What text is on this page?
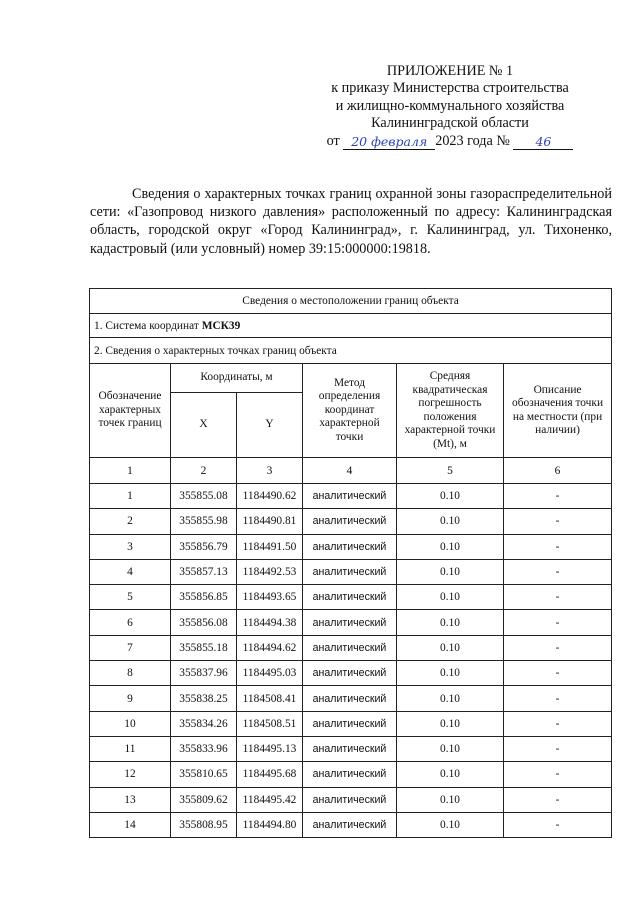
ПРИЛОЖЕНИЕ № 1
к приказу Министерства строительства
и жилищно-коммунального хозяйства
Калининградской области
от 20 февраля 2023 года № 46
Сведения о характерных точках границ охранной зоны газораспределительной сети: «Газопровод низкого давления» расположенный по адресу: Калининградская область, городской округ «Город Калининград», г. Калининград, ул. Тихоненко, кадастровый (или условный) номер 39:15:000000:19818.
Сведения о местоположении границ объекта					
1. Система координат МСК39					
2. Сведения о характерных точках границ объекта					
Обозначение характерных точек границ	Координаты, м		Метод определения координат характерной точки	Средняя квадратическая погрешность положения характерной точки (Mt), м	Описание обозначения точки на местности (при наличии)
	X	Y			
1	2	3	4	5	6
1	355855.08	1184490.62	аналитический	0.10	-
2	355855.98	1184490.81	аналитический	0.10	-
3	355856.79	1184491.50	аналитический	0.10	-
4	355857.13	1184492.53	аналитический	0.10	-
5	355856.85	1184493.65	аналитический	0.10	-
6	355856.08	1184494.38	аналитический	0.10	-
7	355855.18	1184494.62	аналитический	0.10	-
8	355837.96	1184495.03	аналитический	0.10	-
9	355838.25	1184508.41	аналитический	0.10	-
10	355834.26	1184508.51	аналитический	0.10	-
11	355833.96	1184495.13	аналитический	0.10	-
12	355810.65	1184495.68	аналитический	0.10	-
13	355809.62	1184495.42	аналитический	0.10	-
14	355808.95	1184494.80	аналитический	0.10	-
